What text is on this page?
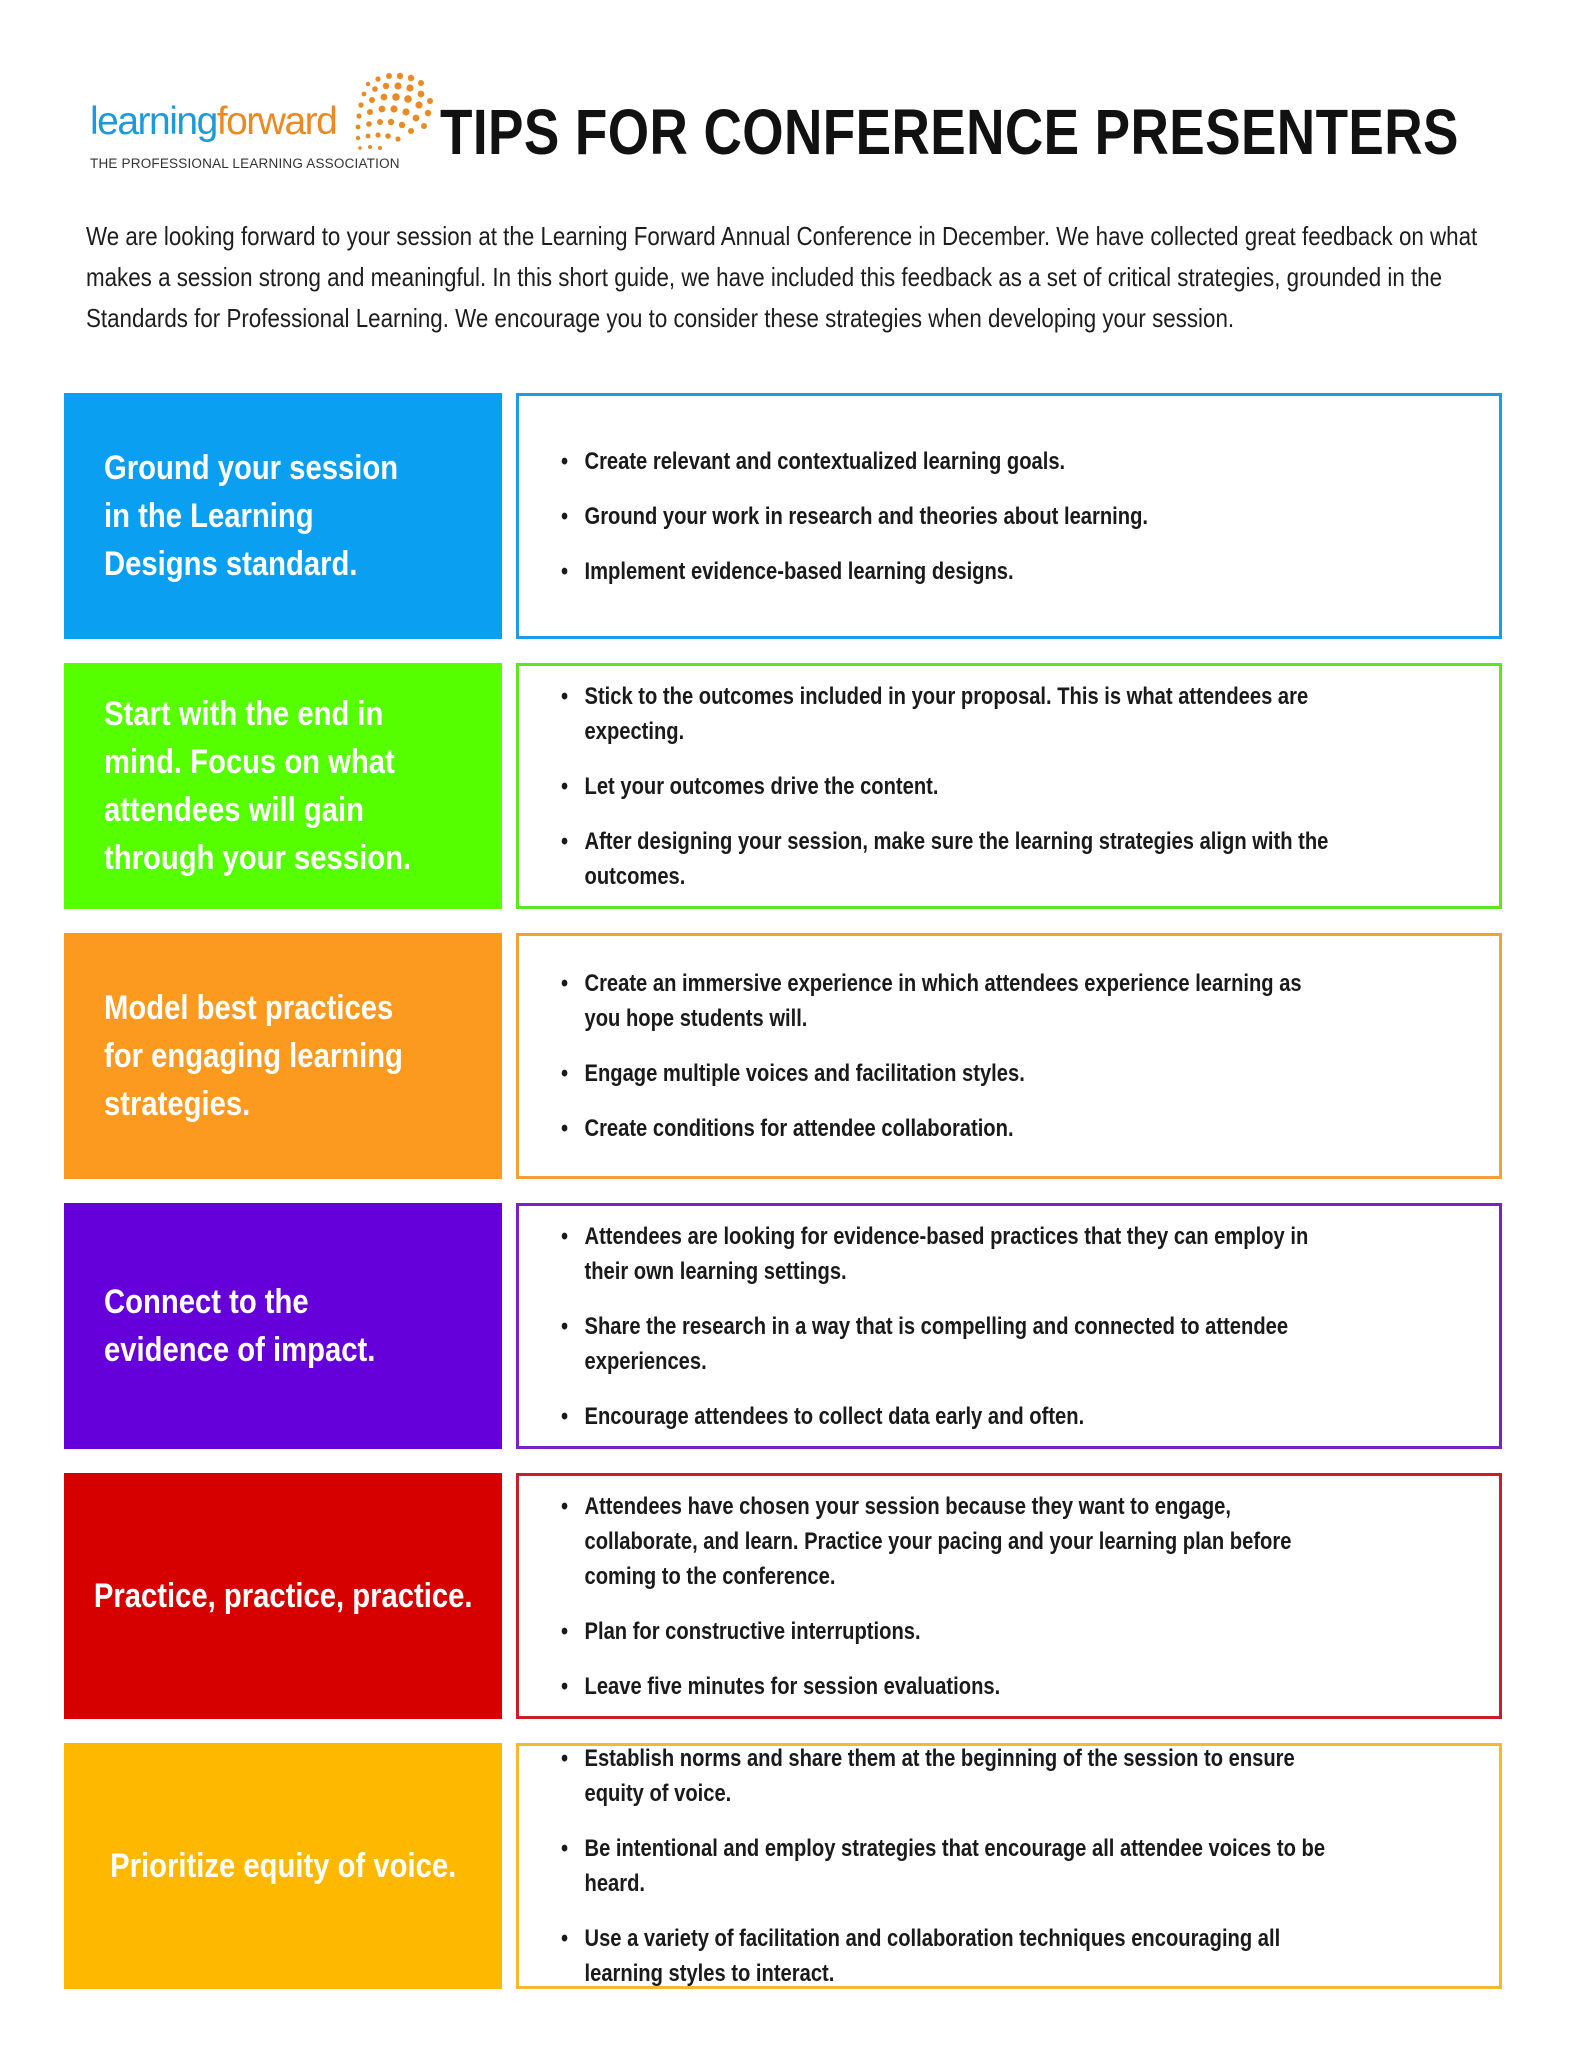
learningforward
THE PROFESSIONAL LEARNING ASSOCIATION TIPS FOR CONFERENCE PRESENTERS

We are looking forward to your session at the Learning Forward Annual Conference in December. We have collected great feedback on what makes a session strong and meaningful. In this short guide, we have included this feedback as a set of critical strategies, grounded in the Standards for Professional Learning. We encourage you to consider these strategies when developing your session.

Ground your session in the Learning Designs standard.

• Create relevant and contextualized learning goals.
• Ground your work in research and theories about learning.
• Implement evidence-based learning designs.

Start with the end in mind. Focus on what attendees will gain through your session.

• Stick to the outcomes included in your proposal. This is what attendees are expecting.
• Let your outcomes drive the content.
• After designing your session, make sure the learning strategies align with the outcomes.

Model best practices for engaging learning strategies.

• Create an immersive experience in which attendees experience learning as you hope students will.
• Engage multiple voices and facilitation styles.
• Create conditions for attendee collaboration.

Connect to the evidence of impact.

• Attendees are looking for evidence-based practices that they can employ in their own learning settings.
• Share the research in a way that is compelling and connected to attendee experiences.
• Encourage attendees to collect data early and often.

Practice, practice, practice.

• Attendees have chosen your session because they want to engage, collaborate, and learn. Practice your pacing and your learning plan before coming to the conference.
• Plan for constructive interruptions.
• Leave five minutes for session evaluations.

Prioritize equity of voice.

• Establish norms and share them at the beginning of the session to ensure equity of voice.
• Be intentional and employ strategies that encourage all attendee voices to be heard.
• Use a variety of facilitation and collaboration techniques encouraging all learning styles to interact.
